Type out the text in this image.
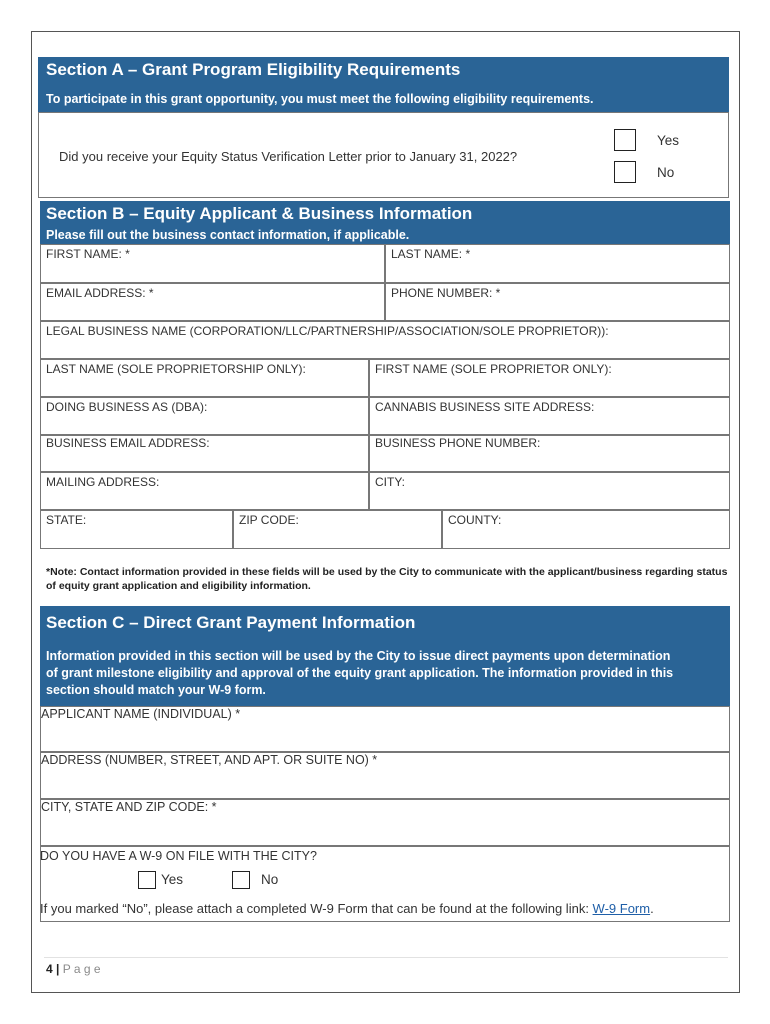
Section A – Grant Program Eligibility Requirements
To participate in this grant opportunity, you must meet the following eligibility requirements.
Did you receive your Equity Status Verification Letter prior to January 31, 2022?
Yes
No
Section B – Equity Applicant & Business Information
Please fill out the business contact information, if applicable.
FIRST NAME: *	LAST NAME: *
EMAIL ADDRESS: *	PHONE NUMBER: *
LEGAL BUSINESS NAME (CORPORATION/LLC/PARTNERSHIP/ASSOCIATION/SOLE PROPRIETOR)):
LAST NAME (SOLE PROPRIETORSHIP ONLY):	FIRST NAME (SOLE PROPRIETOR ONLY):
DOING BUSINESS AS (DBA):	CANNABIS BUSINESS SITE ADDRESS:
BUSINESS EMAIL ADDRESS:	BUSINESS PHONE NUMBER:
MAILING ADDRESS:	CITY:
STATE:	ZIP CODE:	COUNTY:
*Note: Contact information provided in these fields will be used by the City to communicate with the applicant/business regarding status of equity grant application and eligibility information.
Section C – Direct Grant Payment Information
Information provided in this section will be used by the City to issue direct payments upon determination of grant milestone eligibility and approval of the equity grant application. The information provided in this section should match your W-9 form.
APPLICANT NAME (INDIVIDUAL) *
ADDRESS (NUMBER, STREET, AND APT. OR SUITE NO) *
CITY, STATE AND ZIP CODE: *
DO YOU HAVE A W-9 ON FILE WITH THE CITY?
Yes	No
If you marked “No”, please attach a completed W-9 Form that can be found at the following link: W-9 Form.
4 | P a g e
